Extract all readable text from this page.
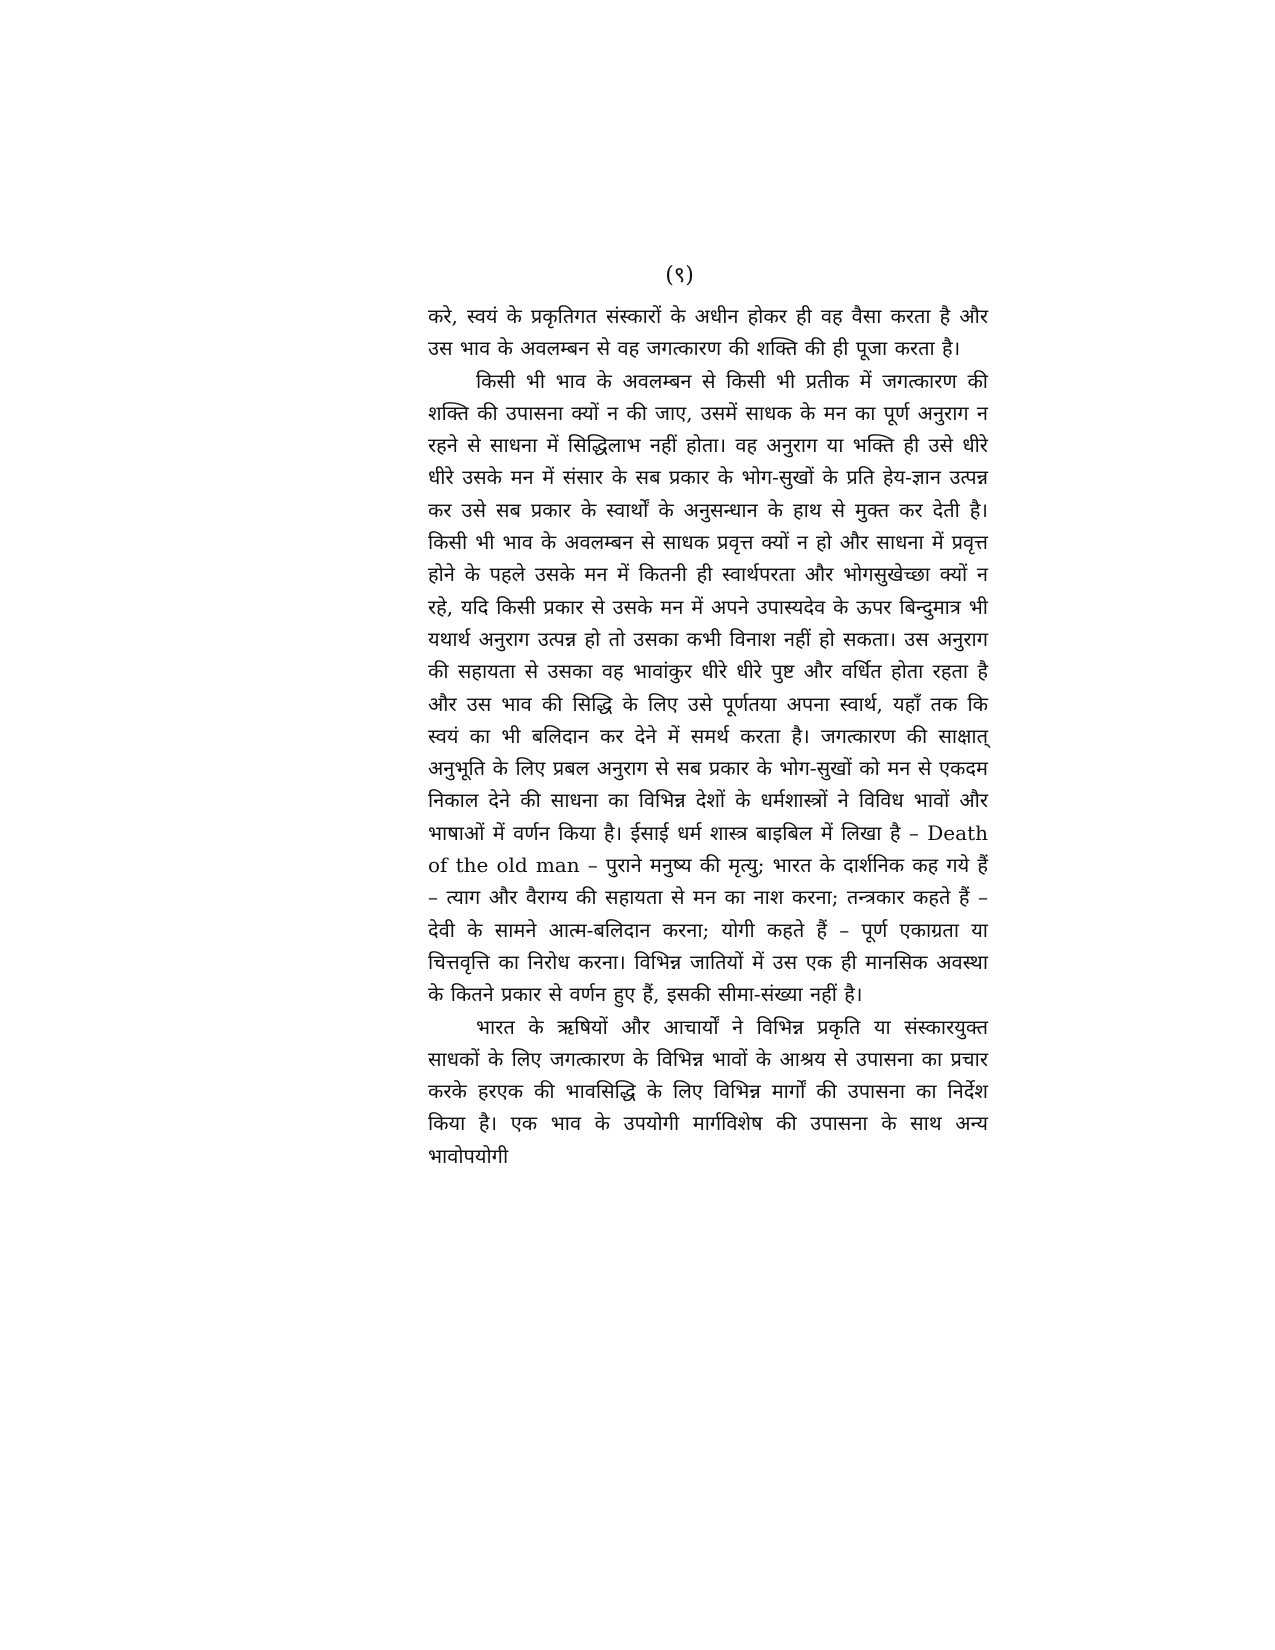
(९)

करे, स्वयं के प्रकृतिगत संस्कारों के अधीन होकर ही वह वैसा करता है और उस भाव के अवलम्बन से वह जगत्कारण की शक्ति की ही पूजा करता है।

किसी भी भाव के अवलम्बन से किसी भी प्रतीक में जगत्कारण की शक्ति की उपासना क्यों न की जाए, उसमें साधक के मन का पूर्ण अनुराग न रहने से साधना में सिद्धिलाभ नहीं होता। वह अनुराग या भक्ति ही उसे धीरे धीरे उसके मन में संसार के सब प्रकार के भोग-सुखों के प्रति हेय-ज्ञान उत्पन्न कर उसे सब प्रकार के स्वार्थों के अनुसन्धान के हाथ से मुक्त कर देती है। किसी भी भाव के अवलम्बन से साधक प्रवृत्त क्यों न हो और साधना में प्रवृत्त होने के पहले उसके मन में कितनी ही स्वार्थपरता और भोगसुखेच्छा क्यों न रहे, यदि किसी प्रकार से उसके मन में अपने उपास्यदेव के ऊपर बिन्दुमात्र भी यथार्थ अनुराग उत्पन्न हो तो उसका कभी विनाश नहीं हो सकता। उस अनुराग की सहायता से उसका वह भावांकुर धीरे धीरे पुष्ट और वर्धित होता रहता है और उस भाव की सिद्धि के लिए उसे पूर्णतया अपना स्वार्थ, यहाँ तक कि स्वयं का भी बलिदान कर देने में समर्थ करता है। जगत्कारण की साक्षात् अनुभूति के लिए प्रबल अनुराग से सब प्रकार के भोग-सुखों को मन से एकदम निकाल देने की साधना का विभिन्न देशों के धर्मशास्त्रों ने विविध भावों और भाषाओं में वर्णन किया है। ईसाई धर्म शास्त्र बाइबिल में लिखा है – Death of the old man – पुराने मनुष्य की मृत्यु; भारत के दार्शनिक कह गये हैं – त्याग और वैराग्य की सहायता से मन का नाश करना; तन्त्रकार कहते हैं – देवी के सामने आत्म-बलिदान करना; योगी कहते हैं – पूर्ण एकाग्रता या चित्तवृत्ति का निरोध करना। विभिन्न जातियों में उस एक ही मानसिक अवस्था के कितने प्रकार से वर्णन हुए हैं, इसकी सीमा-संख्या नहीं है।

भारत के ऋषियों और आचार्यों ने विभिन्न प्रकृति या संस्कारयुक्त साधकों के लिए जगत्कारण के विभिन्न भावों के आश्रय से उपासना का प्रचार करके हरएक की भावसिद्धि के लिए विभिन्न मार्गों की उपासना का निर्देश किया है। एक भाव के उपयोगी मार्गविशेष की उपासना के साथ अन्य भावोपयोगी
